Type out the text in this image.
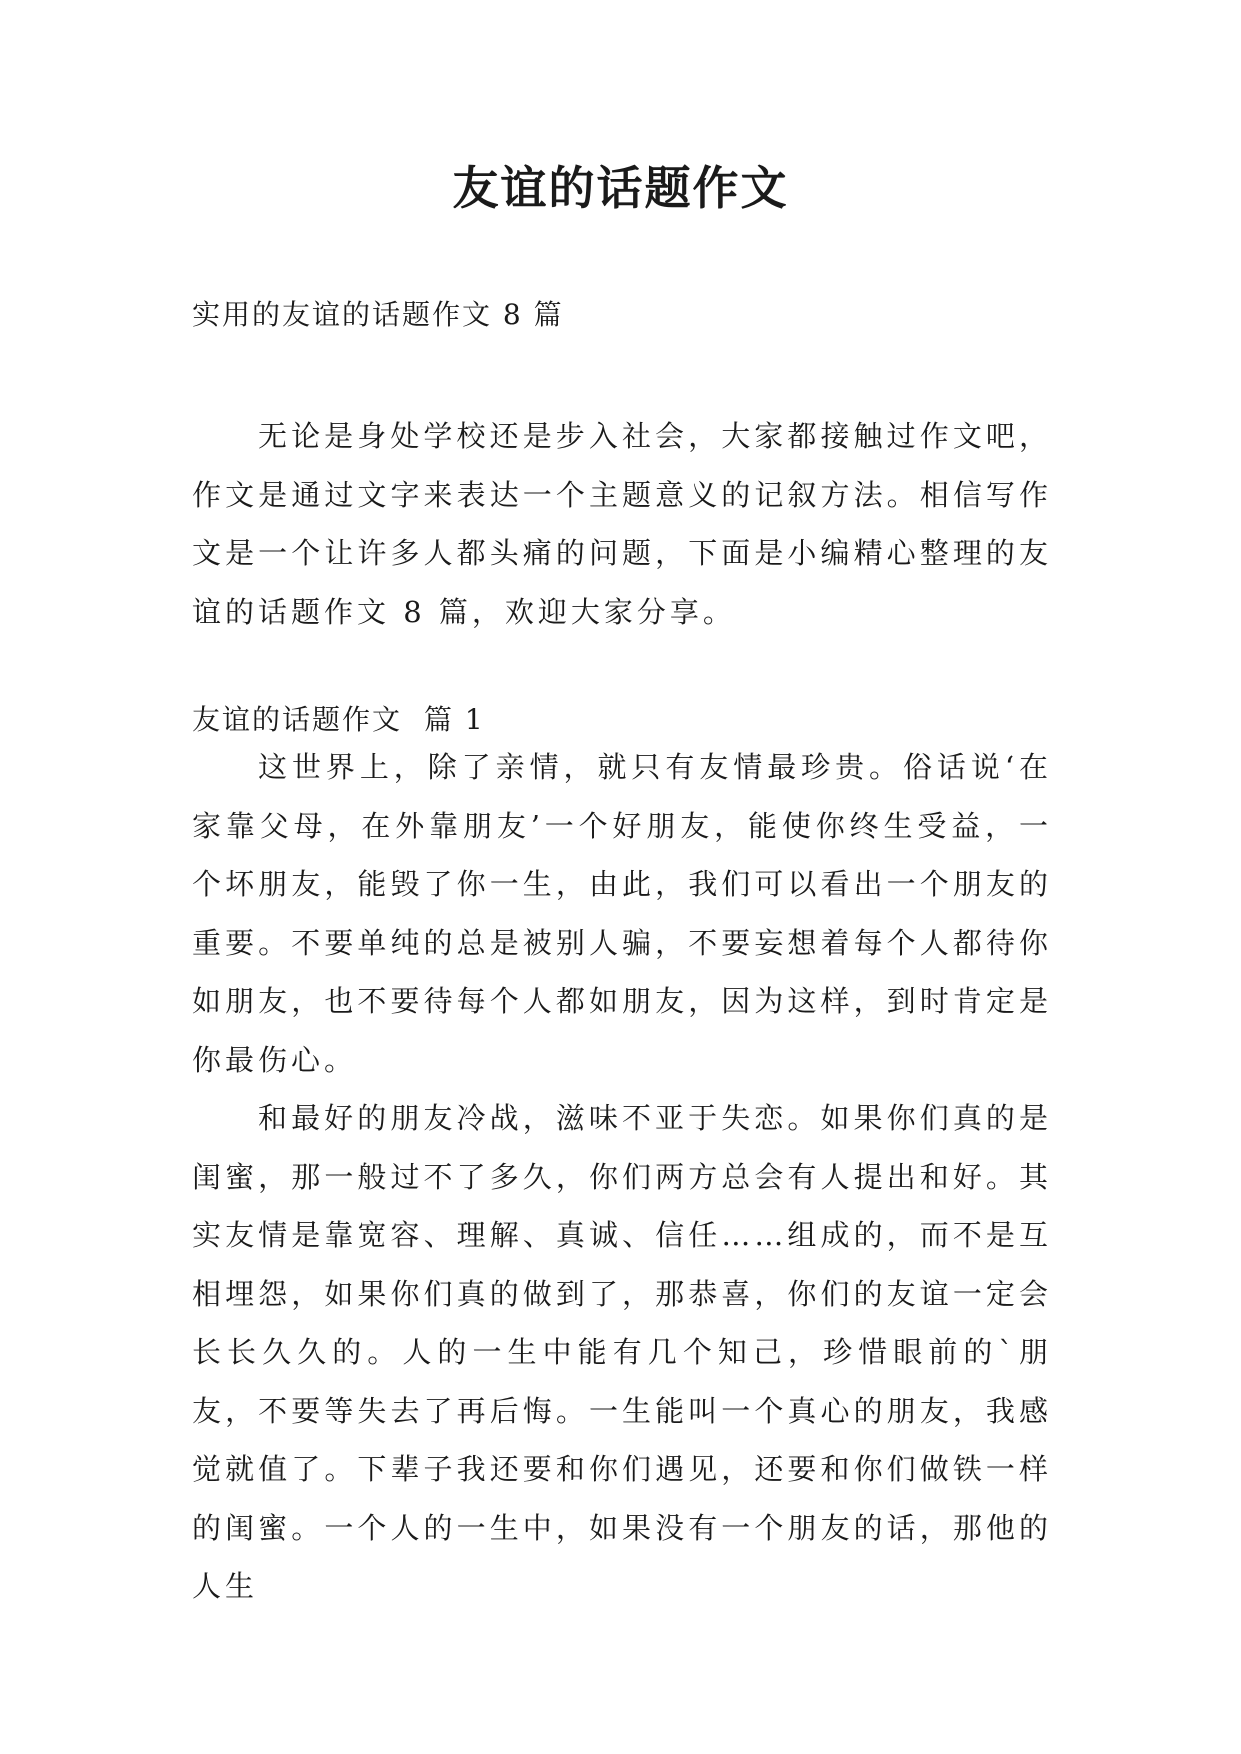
友谊的话题作文

实用的友谊的话题作文 8 篇

无论是身处学校还是步入社会，大家都接触过作文吧，作文是通过文字来表达一个主题意义的记叙方法。相信写作文是一个让许多人都头痛的问题，下面是小编精心整理的友谊的话题作文 8 篇，欢迎大家分享。

友谊的话题作文 篇 1

这世界上，除了亲情，就只有友情最珍贵。俗话说‘在家靠父母，在外靠朋友’一个好朋友，能使你终生受益，一个坏朋友，能毁了你一生，由此，我们可以看出一个朋友的重要。不要单纯的总是被别人骗，不要妄想着每个人都待你如朋友，也不要待每个人都如朋友，因为这样，到时肯定是你最伤心。

和最好的朋友冷战，滋味不亚于失恋。如果你们真的是闺蜜，那一般过不了多久，你们两方总会有人提出和好。其实友情是靠宽容、理解、真诚、信任……组成的，而不是互相埋怨，如果你们真的做到了，那恭喜，你们的友谊一定会长长久久的。人的一生中能有几个知己，珍惜眼前的`朋友，不要等失去了再后悔。一生能叫一个真心的朋友，我感觉就值了。下辈子我还要和你们遇见，还要和你们做铁一样的闺蜜。一个人的一生中，如果没有一个朋友的话，那他的人生
